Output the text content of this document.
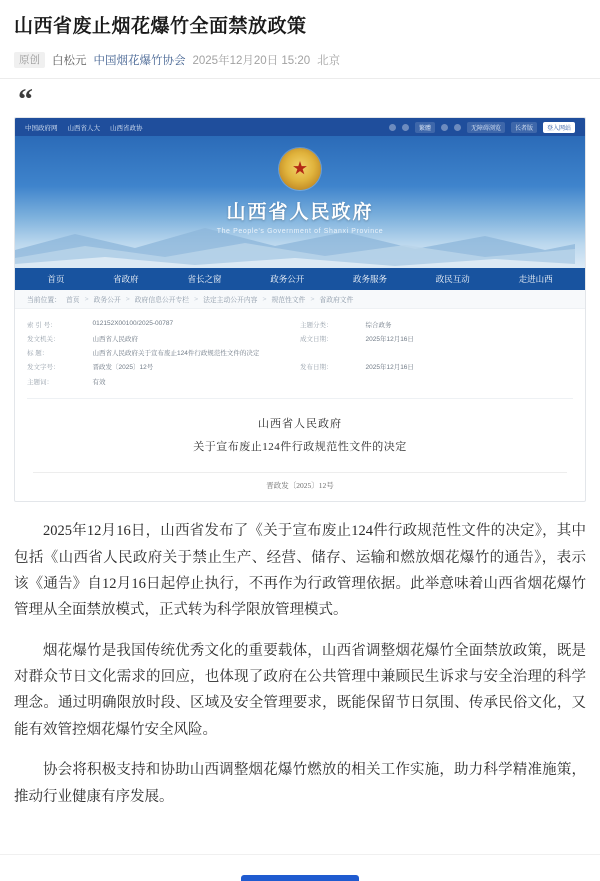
山西省废止烟花爆竹全面禁放政策
原创	白松元 中国烟花爆竹协会 2025年12月20日 15:20 北京
“
中国政府网 山西省人大 山西省政协	繁體	无障碍浏览	长者版	登入网站
★
山西省人民政府
The People's Government of Shanxi Province
首页	省政府	省长之窗	政务公开	政务服务	政民互动	走进山西
当前位置： 首页 > 政务公开 > 政府信息公开专栏 > 法定主动公开内容 > 规范性文件 > 省政府文件
索 引 号：	012152X00100/2025-00787	主题分类：	综合政务
发文机关：	山西省人民政府	成文日期：	2025年12月16日
标 题：	山西省人民政府关于宣布废止124件行政规范性文件的决定		
发文字号：	晋政发〔2025〕12号	发布日期：	2025年12月16日
主题词：	有效		
山西省人民政府
关于宣布废止124件行政规范性文件的决定
晋政发〔2025〕12号

2025年12月16日，山西省发布了《关于宣布废止124件行政规范性文件的决定》，其中包括《山西省人民政府关于禁止生产、经营、储存、运输和燃放烟花爆竹的通告》，表示该《通告》自12月16日起停止执行，不再作为行政管理依据。此举意味着山西省烟花爆竹管理从全面禁放模式，正式转为科学限放管理模式。

烟花爆竹是我国传统优秀文化的重要载体，山西省调整烟花爆竹全面禁放政策，既是对群众节日文化需求的回应，也体现了政府在公共管理中兼顾民生诉求与安全治理的科学理念。通过明确限放时段、区域及安全管理要求，既能保留节日氛围、传承民俗文化，又能有效管控烟花爆竹安全风险。

协会将积极支持和协助山西调整烟花爆竹燃放的相关工作实施，助力科学精准施策，推动行业健康有序发展。
